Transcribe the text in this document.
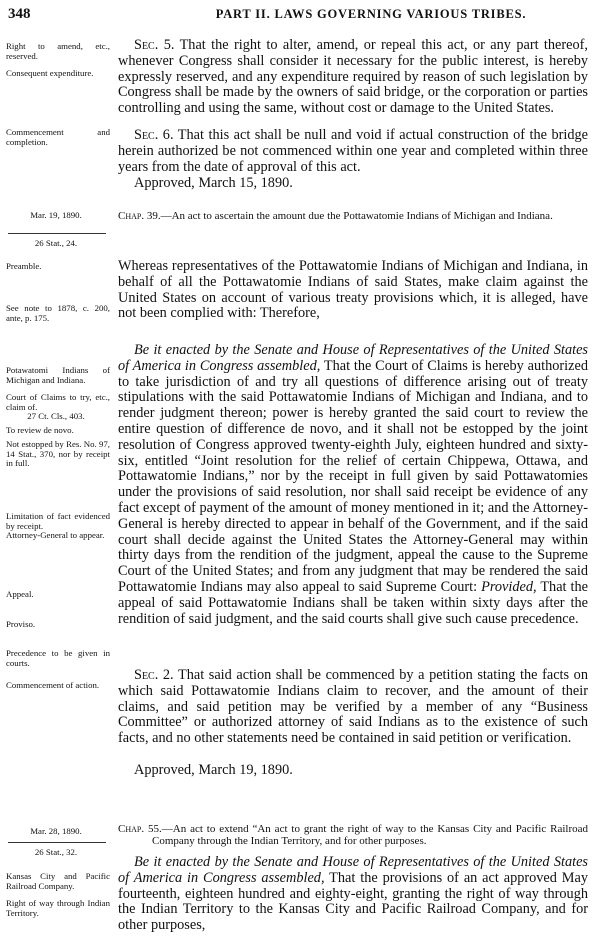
348	PART II. LAWS GOVERNING VARIOUS TRIBES.
Right to amend, etc., reserved.
Consequent expenditure.
Commencement and completion.
Mar. 19, 1890.
26 Stat., 24.
Preamble.
See note to 1878, c. 200, ante, p. 175.
Potawatomi Indians of Michigan and Indiana.
Court of Claims to try, etc., claim of.
27 Ct. Cls., 403.
To review de novo.
Not estopped by Res. No. 97, 14 Stat., 370, nor by receipt in full.
Limitation of fact evidenced by receipt.
Attorney-General to appear.
Appeal.
Proviso.
Precedence to be given in courts.
Commencement of action.
Mar. 28, 1890.
26 Stat., 32.
Kansas City and Pacific Railroad Company.
Right of way through Indian Territory.

Sec. 5. That the right to alter, amend, or repeal this act, or any part thereof, whenever Congress shall consider it necessary for the public interest, is hereby expressly reserved, and any expenditure required by reason of such legislation by Congress shall be made by the owners of said bridge, or the corporation or parties controlling and using the same, without cost or damage to the United States.

Sec. 6. That this act shall be null and void if actual construction of the bridge herein authorized be not commenced within one year and completed within three years from the date of approval of this act.

Approved, March 15, 1890.
Chap. 39.—An act to ascertain the amount due the Pottawatomie Indians of Michigan and Indiana.

Whereas representatives of the Pottawatomie Indians of Michigan and Indiana, in behalf of all the Pottawatomie Indians of said States, make claim against the United States on account of various treaty provisions which, it is alleged, have not been complied with: Therefore,

Be it enacted by the Senate and House of Representatives of the United States of America in Congress assembled, That the Court of Claims is hereby authorized to take jurisdiction of and try all questions of difference arising out of treaty stipulations with the said Pottawatomie Indians of Michigan and Indiana, and to render judgment thereon; power is hereby granted the said court to review the entire question of difference de novo, and it shall not be estopped by the joint resolution of Congress approved twenty-eighth July, eighteen hundred and sixty-six, entitled “Joint resolution for the relief of certain Chippewa, Ottawa, and Pottawatomie Indians,” nor by the receipt in full given by said Pottawatomies under the provisions of said resolution, nor shall said receipt be evidence of any fact except of payment of the amount of money mentioned in it; and the Attorney-General is hereby directed to appear in behalf of the Government, and if the said court shall decide against the United States the Attorney-General may within thirty days from the rendition of the judgment, appeal the cause to the Supreme Court of the United States; and from any judgment that may be rendered the said Pottawatomie Indians may also appeal to said Supreme Court: Provided, That the appeal of said Pottawatomie Indians shall be taken within sixty days after the rendition of said judgment, and the said courts shall give such cause precedence.

Sec. 2. That said action shall be commenced by a petition stating the facts on which said Pottawatomie Indians claim to recover, and the amount of their claims, and said petition may be verified by a member of any “Business Committee” or authorized attorney of said Indians as to the existence of such facts, and no other statements need be contained in said petition or verification.

Approved, March 19, 1890.
Chap. 55.—An act to extend “An act to grant the right of way to the Kansas City and Pacific Railroad Company through the Indian Territory, and for other purposes.

Be it enacted by the Senate and House of Representatives of the United States of America in Congress assembled, That the provisions of an act approved May fourteenth, eighteen hundred and eighty-eight, granting the right of way through the Indian Territory to the Kansas City and Pacific Railroad Company, and for other purposes,
